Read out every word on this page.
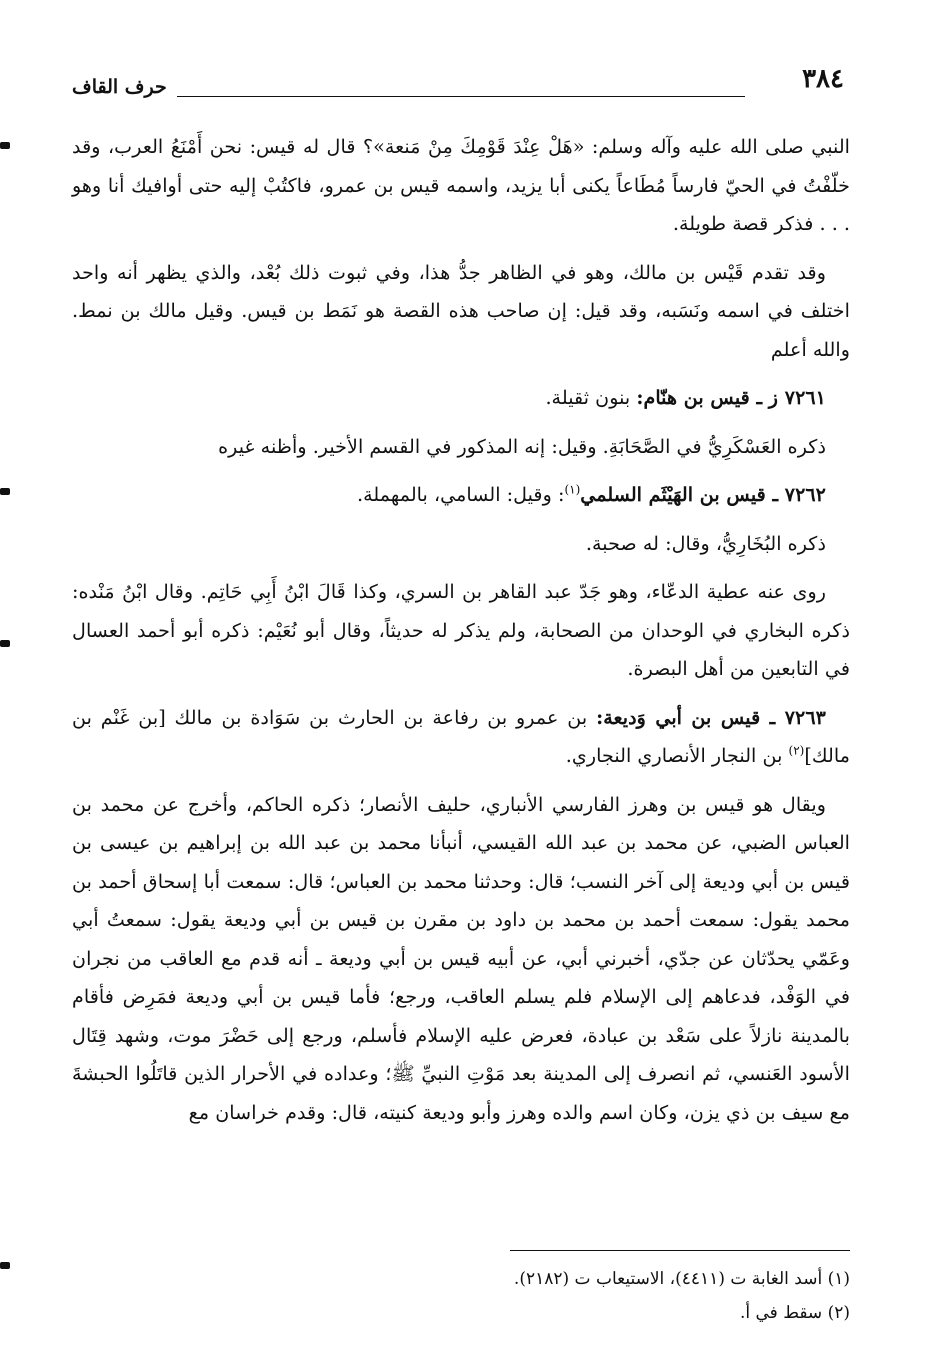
٣٨٤
حرف القاف

النبي صلى الله عليه وآله وسلم: «هَلْ عِنْدَ قَوْمِكَ مِنْ مَنعة»؟ قال له قيس: نحن أَمْنَعُ العرب، وقد خلّفْتُ في الحيّ فارساً مُطَاعاً يكنى أبا يزيد، واسمه قيس بن عمرو، فاكتُبْ إليه حتى أوافيك أنا وهو . . . فذكر قصة طويلة.

وقد تقدم قَيْس بن مالك، وهو في الظاهر جدُّ هذا، وفي ثبوت ذلك بُعْد، والذي يظهر أنه واحد اختلف في اسمه ونَسَبه، وقد قيل: إن صاحب هذه القصة هو نَمَط بن قيس. وقيل مالك بن نمط. والله أعلم

٧٢٦١ ز ـ قيس بن هنّام: بنون ثقيلة.

ذكره العَسْكَرِيُّ في الصَّحَابَةِ. وقيل: إنه المذكور في القسم الأخير. وأظنه غيره

٧٢٦٢ ـ قيس بن الهَيْثَم السلمي$^{(١)}$: وقيل: السامي، بالمهملة.

ذكره البُخَارِيُّ، وقال: له صحبة.

روى عنه عطية الدعّاء، وهو جَدّ عبد القاهر بن السري، وكذا قَالَ ابْنُ أَبِي حَاتِم. وقال ابْنُ مَنْده: ذكره البخاري في الوحدان من الصحابة، ولم يذكر له حديثاً، وقال أبو نُعَيْم: ذكره أبو أحمد العسال في التابعين من أهل البصرة.

٧٢٦٣ ـ قيس بن أبي وَديعة: بن عمرو بن رفاعة بن الحارث بن سَوَادة بن مالك [بن غَنْم بن مالك]$^{(٢)}$ بن النجار الأنصاري النجاري.

ويقال هو قيس بن وهرز الفارسي الأنباري، حليف الأنصار؛ ذكره الحاكم، وأخرج عن محمد بن العباس الضبي، عن محمد بن عبد الله القيسي، أنبأنا محمد بن عبد الله بن إبراهيم بن عيسى بن قيس بن أبي وديعة إلى آخر النسب؛ قال: وحدثنا محمد بن العباس؛ قال: سمعت أبا إسحاق أحمد بن محمد يقول: سمعت أحمد بن محمد بن داود بن مقرن بن قيس بن أبي وديعة يقول: سمعتُ أبي وعَمّي يحدّثان عن جدّي، أخبرني أبي، عن أبيه قيس بن أبي وديعة ـ أنه قدم مع العاقب من نجران في الوَفْد، فدعاهم إلى الإسلام فلم يسلم العاقب، ورجع؛ فأما قيس بن أبي وديعة فمَرِض فأقام بالمدينة نازلاً على سَعْد بن عبادة، فعرض عليه الإسلام فأسلم، ورجع إلى حَضْرَ موت، وشهد قِتَال الأسود العَنسي، ثم انصرف إلى المدينة بعد مَوْتِ النبيِّ ﷺ؛ وعداده في الأحرار الذين قاتَلُوا الحبشةَ مع سيف بن ذي يزن، وكان اسم والده وهرز وأبو وديعة كنيته، قال: وقدم خراسان مع

(١) أسد الغابة ت (٤٤١١)، الاستيعاب ت (٢١٨٢).
(٢) سقط في أ.
